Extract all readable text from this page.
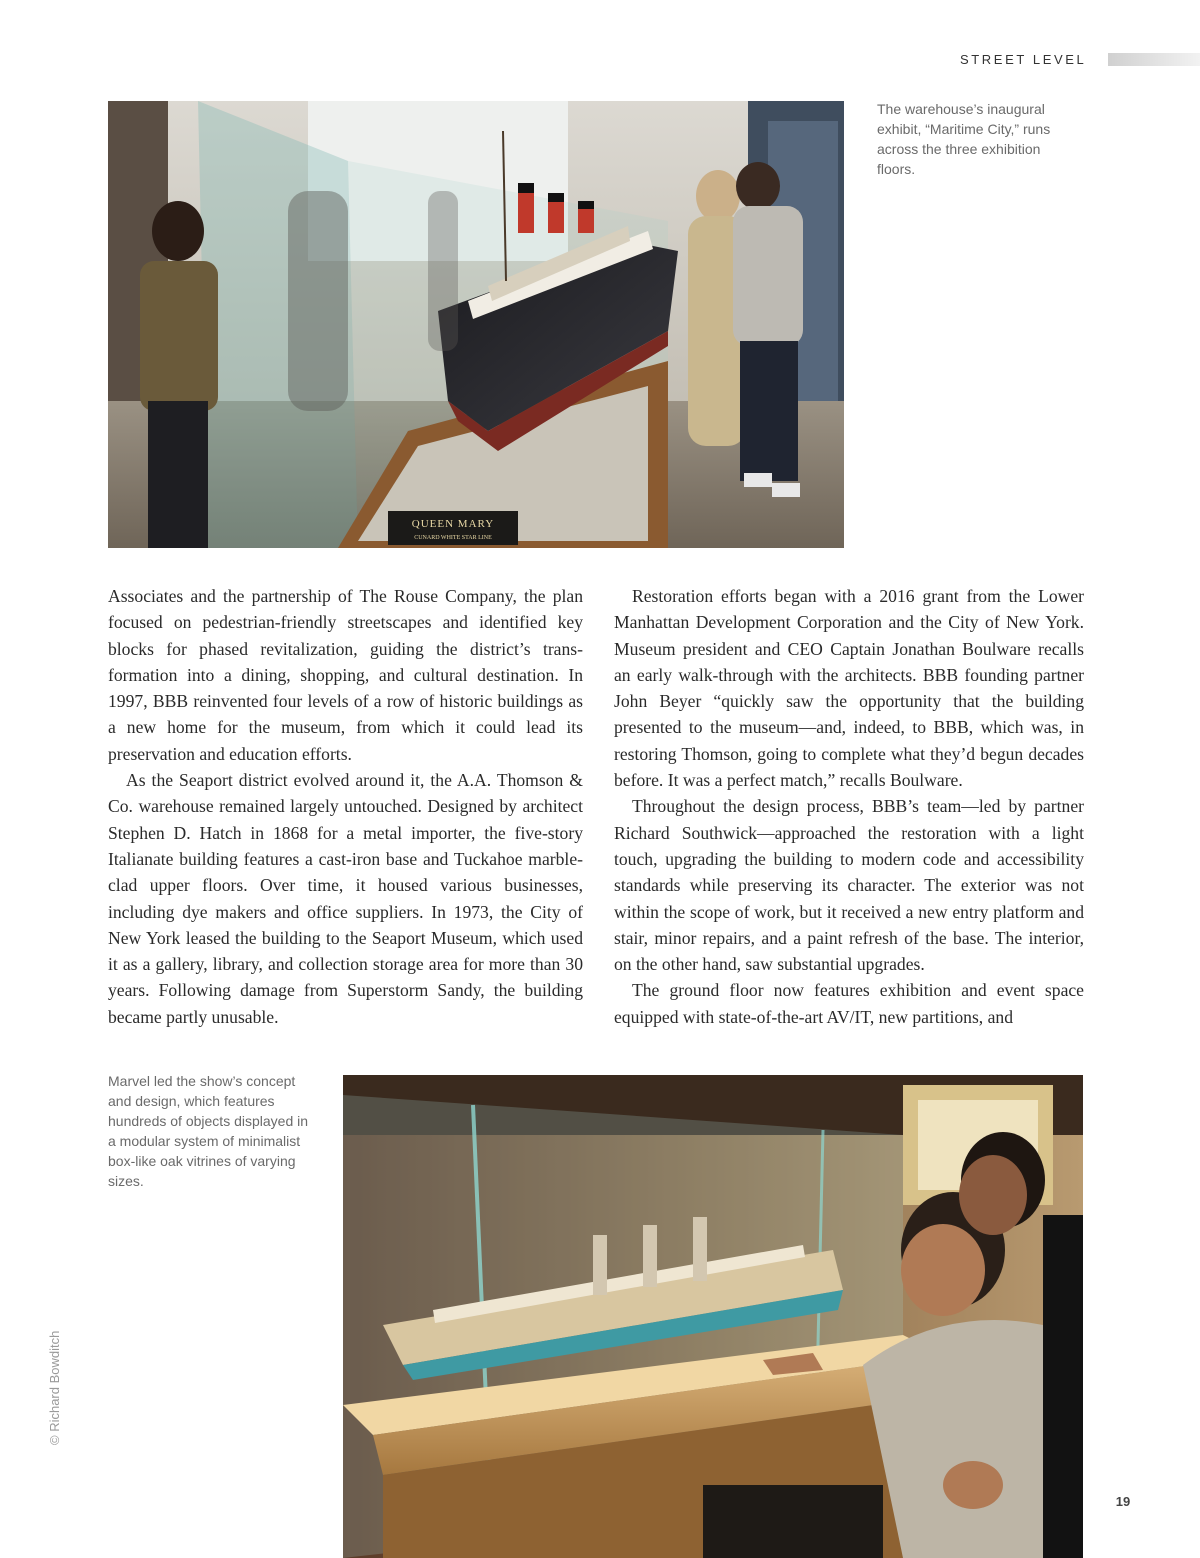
STREET LEVEL
QUEEN MARY
CUNARD WHITE STAR LINE
The warehouse’s inaugural exhibit, “Maritime City,” runs across the three exhibition floors.

Associates and the partnership of The Rouse Company, the plan focused on pedestrian-friendly streetscapes and identified key blocks for phased revitalization, guiding the district’s transformation into a dining, shopping, and cultural destination. In 1997, BBB reinvented four levels of a row of historic buildings as a new home for the museum, from which it could lead its preservation and education efforts.

As the Seaport district evolved around it, the A.A. Thomson & Co. warehouse remained largely untouched. Designed by architect Stephen D. Hatch in 1868 for a metal importer, the five-story Italianate building features a cast-iron base and Tuckahoe marble-clad upper floors. Over time, it housed various businesses, including dye makers and office suppliers. In 1973, the City of New York leased the building to the Seaport Museum, which used it as a gallery, library, and collection storage area for more than 30 years. Following damage from Superstorm Sandy, the building became partly unusable.

Restoration efforts began with a 2016 grant from the Lower Manhattan Development Corporation and the City of New York. Museum president and CEO Captain Jonathan Boulware recalls an early walk-through with the architects. BBB founding partner John Beyer “quickly saw the opportunity that the building presented to the museum—and, indeed, to BBB, which was, in restoring Thomson, going to complete what they’d begun decades before. It was a perfect match,” recalls Boulware.

Throughout the design process, BBB’s team—led by partner Richard Southwick—approached the restoration with a light touch, upgrading the building to modern code and accessibility standards while preserving its character. The exterior was not within the scope of work, but it received a new entry platform and stair, minor repairs, and a paint refresh of the base. The interior, on the other hand, saw substantial upgrades.

The ground floor now features exhibition and event space equipped with state-of-the-art AV/IT, new partitions, and

Marvel led the show’s concept and design, which features hundreds of objects displayed in a modular system of minimalist box-like oak vitrines of varying sizes.
© Richard Bowditch
19
